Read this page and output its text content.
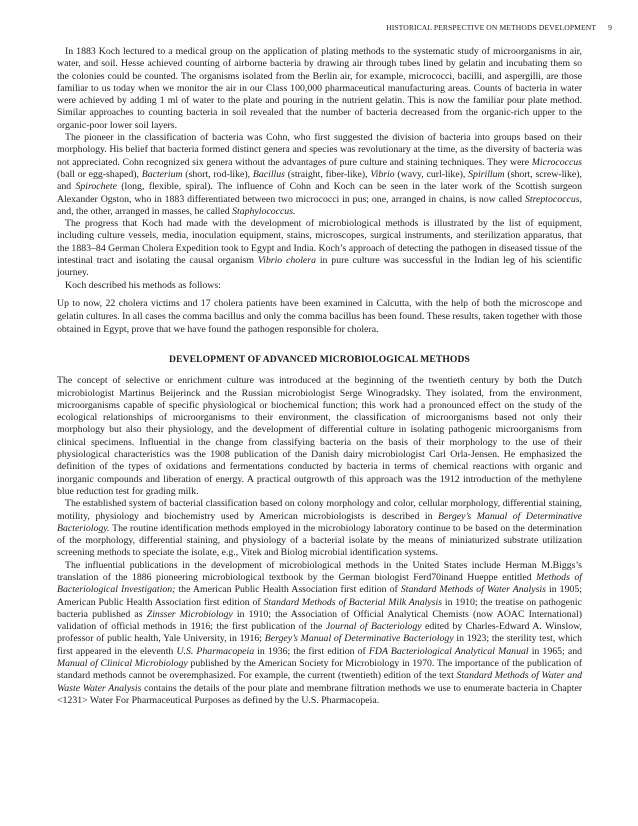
HISTORICAL PERSPECTIVE ON METHODS DEVELOPMENT 9

In 1883 Koch lectured to a medical group on the application of plating methods to the systematic study of microorganisms in air, water, and soil. Hesse achieved counting of airborne bacteria by drawing air through tubes lined by gelatin and incubating them so the colonies could be counted. The organisms isolated from the Berlin air, for example, micrococci, bacilli, and aspergilli, are those familiar to us today when we monitor the air in our Class 100,000 pharmaceutical manufacturing areas. Counts of bacteria in water were achieved by adding 1 ml of water to the plate and pouring in the nutrient gelatin. This is now the familiar pour plate method. Similar approaches to counting bacteria in soil revealed that the number of bacteria decreased from the organic-rich upper to the organic-poor lower soil layers.

The pioneer in the classification of bacteria was Cohn, who first suggested the division of bacteria into groups based on their morphology. His belief that bacteria formed distinct genera and species was revolutionary at the time, as the diversity of bacteria was not appreciated. Cohn recognized six genera without the advantages of pure culture and staining techniques. They were Micrococcus (ball or egg-shaped), Bacterium (short, rod-like), Bacillus (straight, fiber-like), Vibrio (wavy, curl-like), Spirillum (short, screw-like), and Spirochete (long, flexible, spiral). The influence of Cohn and Koch can be seen in the later work of the Scottish surgeon Alexander Ogston, who in 1883 differentiated between two micrococci in pus; one, arranged in chains, is now called Streptococcus, and, the other, arranged in masses, he called Staphylococcus.

The progress that Koch had made with the development of microbiological methods is illustrated by the list of equipment, including culture vessels, media, inoculation equipment, stains, microscopes, surgical instruments, and sterilization apparatus, that the 1883–84 German Cholera Expedition took to Egypt and India. Koch’s approach of detecting the pathogen in diseased tissue of the intestinal tract and isolating the causal organism Vibrio cholera in pure culture was successful in the Indian leg of his scientific journey.

Koch described his methods as follows:

Up to now, 22 cholera victims and 17 cholera patients have been examined in Calcutta, with the help of both the microscope and gelatin cultures. In all cases the comma bacillus and only the comma bacillus has been found. These results, taken together with those obtained in Egypt, prove that we have found the pathogen responsible for cholera.

DEVELOPMENT OF ADVANCED MICROBIOLOGICAL METHODS

The concept of selective or enrichment culture was introduced at the beginning of the twentieth century by both the Dutch microbiologist Martinus Beijerinck and the Russian microbiologist Serge Winogradsky. They isolated, from the environment, microorganisms capable of specific physiological or biochemical function; this work had a pronounced effect on the study of the ecological relationships of microorganisms to their environment, the classification of microorganisms based not only their morphology but also their physiology, and the development of differential culture in isolating pathogenic microorganisms from clinical specimens. Influential in the change from classifying bacteria on the basis of their morphology to the use of their physiological characteristics was the 1908 publication of the Danish dairy microbiologist Carl Orla-Jensen. He emphasized the definition of the types of oxidations and fermentations conducted by bacteria in terms of chemical reactions with organic and inorganic compounds and liberation of energy. A practical outgrowth of this approach was the 1912 introduction of the methylene blue reduction test for grading milk.

The established system of bacterial classification based on colony morphology and color, cellular morphology, differential staining, motility, physiology and biochemistry used by American microbiologists is described in Bergey’s Manual of Determinative Bacteriology. The routine identification methods employed in the microbiology laboratory continue to be based on the determination of the morphology, differential staining, and physiology of a bacterial isolate by the means of miniaturized substrate utilization screening methods to speciate the isolate, e.g., Vitek and Biolog microbial identification systems.

The influential publications in the development of microbiological methods in the United States include Herman M.Biggs’s translation of the 1886 pioneering microbiological textbook by the German biologist Ferd70inand Hueppe entitled Methods of Bacteriological Investigation; the American Public Health Association first edition of Standard Methods of Water Analysis in 1905; American Public Health Association first edition of Standard Methods of Bacterial Milk Analysis in 1910; the treatise on pathogenic bacteria published as Zinsser Microbiology in 1910; the Association of Official Analytical Chemists (now AOAC International) validation of official methods in 1916; the first publication of the Journal of Bacteriology edited by Charles-Edward A. Winslow, professor of public health, Yale University, in 1916; Bergey’s Manual of Determinative Bacteriology in 1923; the sterility test, which first appeared in the eleventh U.S. Pharmacopeia in 1936; the first edition of FDA Bacteriological Analytical Manual in 1965; and Manual of Clinical Microbiology published by the American Society for Microbiology in 1970. The importance of the publication of standard methods cannot be overemphasized. For example, the current (twentieth) edition of the text Standard Methods of Water and Waste Water Analysis contains the details of the pour plate and membrane filtration methods we use to enumerate bacteria in Chapter <1231> Water For Pharmaceutical Purposes as defined by the U.S. Pharmacopeia.
